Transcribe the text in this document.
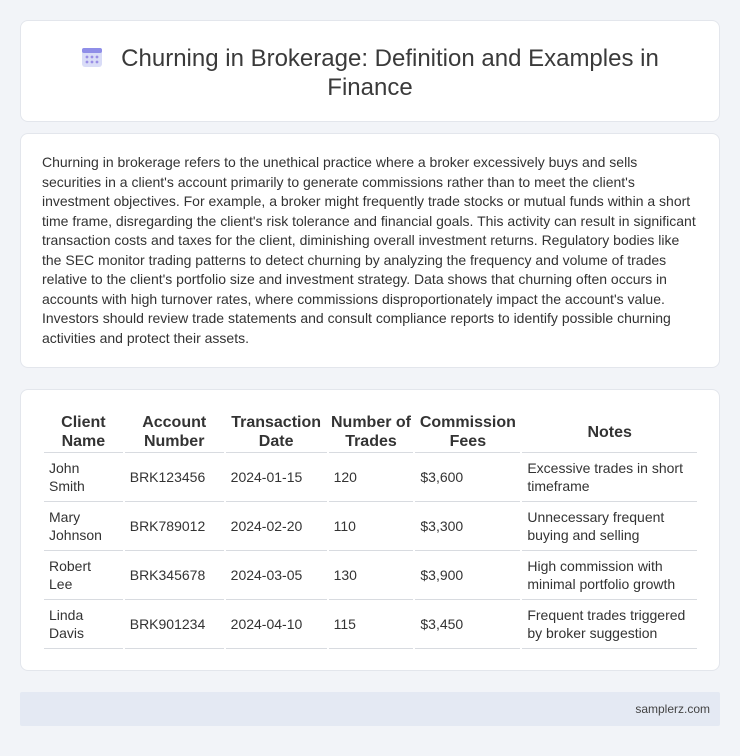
Churning in Brokerage: Definition and Examples in Finance

Churning in brokerage refers to the unethical practice where a broker excessively buys and sells securities in a client's account primarily to generate commissions rather than to meet the client's investment objectives. For example, a broker might frequently trade stocks or mutual funds within a short time frame, disregarding the client's risk tolerance and financial goals. This activity can result in significant transaction costs and taxes for the client, diminishing overall investment returns. Regulatory bodies like the SEC monitor trading patterns to detect churning by analyzing the frequency and volume of trades relative to the client's portfolio size and investment strategy. Data shows that churning often occurs in accounts with high turnover rates, where commissions disproportionately impact the account's value. Investors should review trade statements and consult compliance reports to identify possible churning activities and protect their assets.

Client Name	Account Number	Transaction Date	Number of Trades	Commission Fees	Notes
John Smith	BRK123456	2024-01-15	120	$3,600	Excessive trades in short timeframe
Mary Johnson	BRK789012	2024-02-20	110	$3,300	Unnecessary frequent buying and selling
Robert Lee	BRK345678	2024-03-05	130	$3,900	High commission with minimal portfolio growth
Linda Davis	BRK901234	2024-04-10	115	$3,450	Frequent trades triggered by broker suggestion
samplerz.com
